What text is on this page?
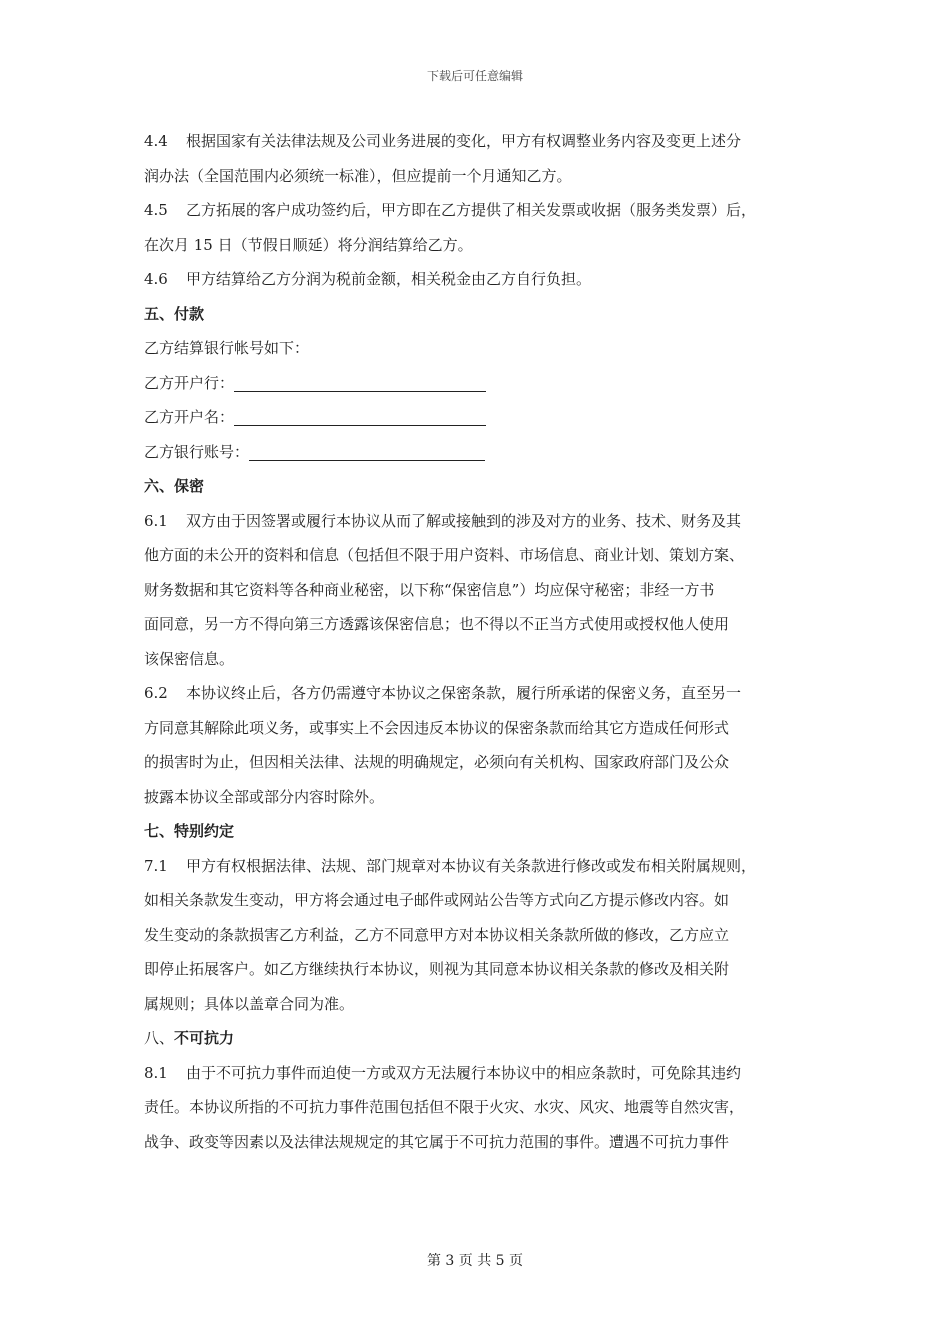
下载后可任意编辑

4.4 根据国家有关法律法规及公司业务进展的变化，甲方有权调整业务内容及变更上述分

润办法（全国范围内必须统一标准），但应提前一个月通知乙方。

4.5 乙方拓展的客户成功签约后，甲方即在乙方提供了相关发票或收据（服务类发票）后，

在次月 15 日（节假日顺延）将分润结算给乙方。

4.6 甲方结算给乙方分润为税前金额，相关税金由乙方自行负担。

五、付款

乙方结算银行帐号如下：

乙方开户行：

乙方开户名：

乙方银行账号：

六、保密

6.1 双方由于因签署或履行本协议从而了解或接触到的涉及对方的业务、技术、财务及其

他方面的未公开的资料和信息（包括但不限于用户资料、市场信息、商业计划、策划方案、

财务数据和其它资料等各种商业秘密，以下称“保密信息”）均应保守秘密；非经一方书

面同意，另一方不得向第三方透露该保密信息；也不得以不正当方式使用或授权他人使用

该保密信息。

6.2 本协议终止后，各方仍需遵守本协议之保密条款，履行所承诺的保密义务，直至另一

方同意其解除此项义务，或事实上不会因违反本协议的保密条款而给其它方造成任何形式

的损害时为止，但因相关法律、法规的明确规定，必须向有关机构、国家政府部门及公众

披露本协议全部或部分内容时除外。

七、特别约定

7.1 甲方有权根据法律、法规、部门规章对本协议有关条款进行修改或发布相关附属规则，

如相关条款发生变动，甲方将会通过电子邮件或网站公告等方式向乙方提示修改内容。如

发生变动的条款损害乙方利益，乙方不同意甲方对本协议相关条款所做的修改，乙方应立

即停止拓展客户。如乙方继续执行本协议，则视为其同意本协议相关条款的修改及相关附

属规则；具体以盖章合同为准。

八、不可抗力

8.1 由于不可抗力事件而迫使一方或双方无法履行本协议中的相应条款时，可免除其违约

责任。本协议所指的不可抗力事件范围包括但不限于火灾、水灾、风灾、地震等自然灾害，

战争、政变等因素以及法律法规规定的其它属于不可抗力范围的事件。遭遇不可抗力事件

第 3 页 共 5 页
